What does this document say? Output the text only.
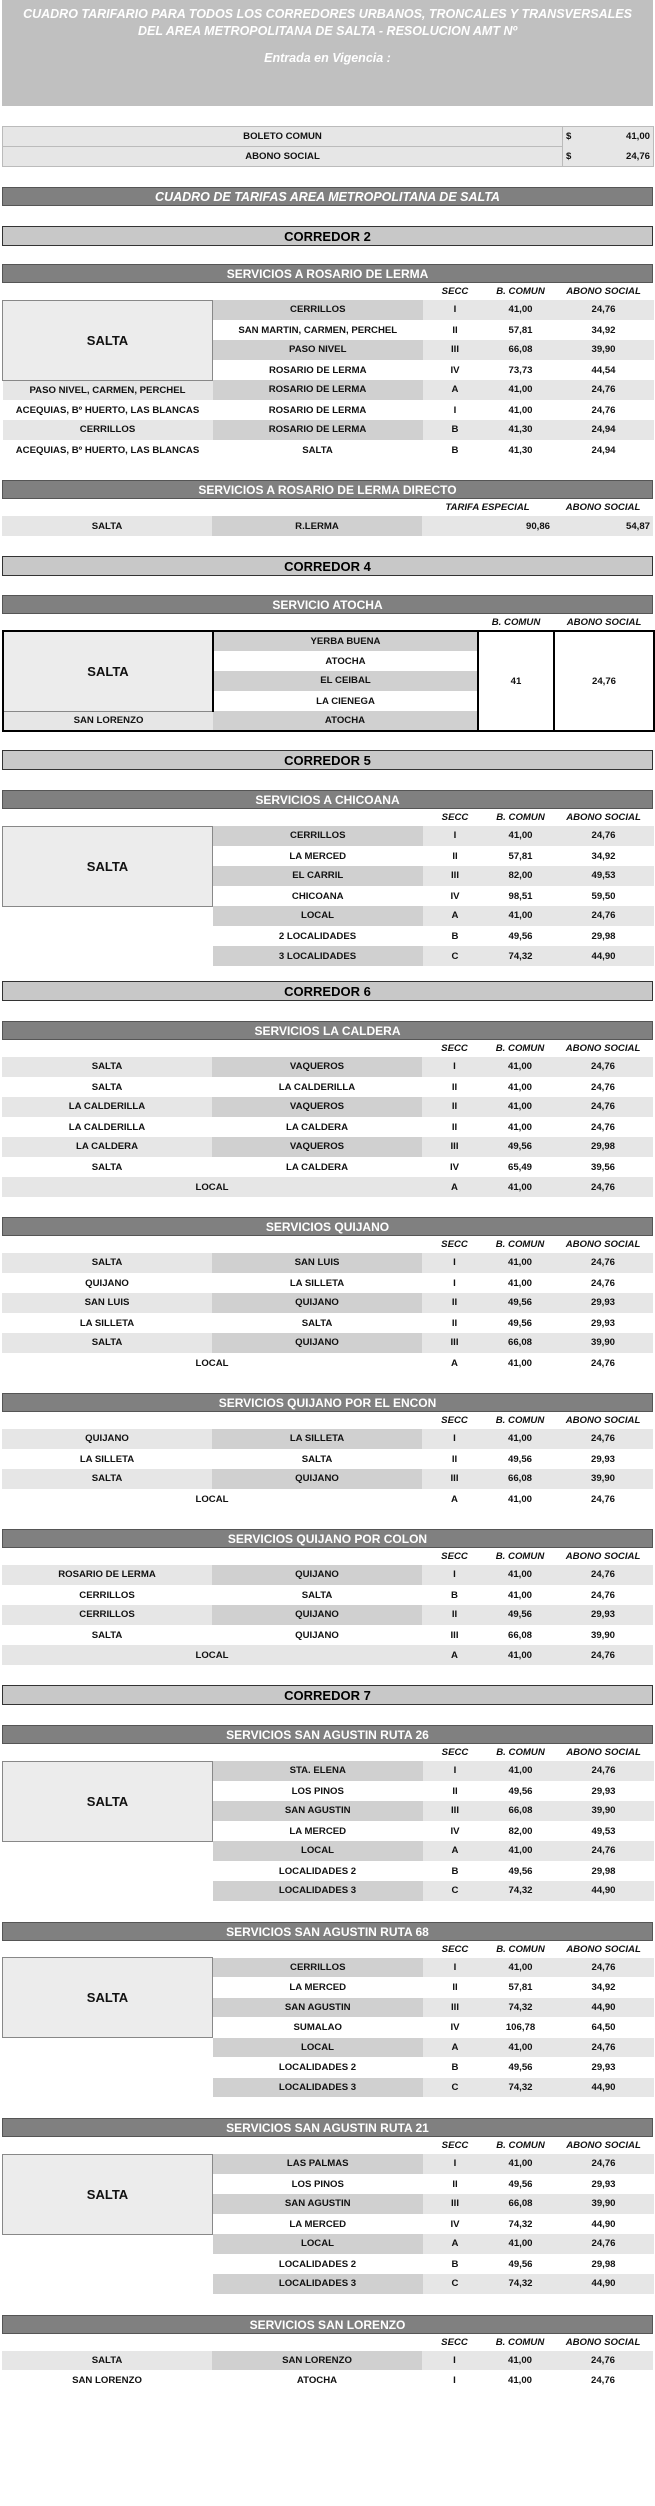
CUADRO TARIFARIO PARA TODOS LOS CORREDORES URBANOS, TRONCALES Y TRANSVERSALES
DEL AREA METROPOLITANA DE SALTA - RESOLUCION AMT Nº
Entrada en Vigencia :
BOLETO COMUN	$	41,00
ABONO SOCIAL	$	24,76
CUADRO DE TARIFAS AREA METROPOLITANA DE SALTA
CORREDOR 2
SERVICIOS A ROSARIO DE LERMA
		SECC	B. COMUN	ABONO SOCIAL
SALTA	CERRILLOS	I	41,00	24,76
	SAN MARTIN, CARMEN, PERCHEL	II	57,81	34,92
	PASO NIVEL	III	66,08	39,90
	ROSARIO DE LERMA	IV	73,73	44,54
PASO NIVEL, CARMEN, PERCHEL	ROSARIO DE LERMA	A	41,00	24,76
ACEQUIAS, Bº HUERTO, LAS BLANCAS	ROSARIO DE LERMA	I	41,00	24,76
CERRILLOS	ROSARIO DE LERMA	B	41,30	24,94
ACEQUIAS, Bº HUERTO, LAS BLANCAS	SALTA	B	41,30	24,94
SERVICIOS A ROSARIO DE LERMA DIRECTO
		TARIFA ESPECIAL	ABONO SOCIAL
SALTA	R.LERMA	90,86	54,87
CORREDOR 4
SERVICIO ATOCHA
		B. COMUN	ABONO SOCIAL
SALTA	YERBA BUENA	41	24,76
	ATOCHA		
	EL CEIBAL		
	LA CIENEGA		
SAN LORENZO	ATOCHA		
CORREDOR 5
SERVICIOS A CHICOANA
		SECC	B. COMUN	ABONO SOCIAL
SALTA	CERRILLOS	I	41,00	24,76
	LA MERCED	II	57,81	34,92
	EL CARRIL	III	82,00	49,53
	CHICOANA	IV	98,51	59,50
	LOCAL	A	41,00	24,76
	2 LOCALIDADES	B	49,56	29,98
	3 LOCALIDADES	C	74,32	44,90
CORREDOR 6
SERVICIOS LA CALDERA
		SECC	B. COMUN	ABONO SOCIAL
SALTA	VAQUEROS	I	41,00	24,76
SALTA	LA CALDERILLA	II	41,00	24,76
LA CALDERILLA	VAQUEROS	II	41,00	24,76
LA CALDERILLA	LA CALDERA	II	41,00	24,76
LA CALDERA	VAQUEROS	III	49,56	29,98
SALTA	LA CALDERA	IV	65,49	39,56
LOCAL		A	41,00	24,76
SERVICIOS QUIJANO
		SECC	B. COMUN	ABONO SOCIAL
SALTA	SAN LUIS	I	41,00	24,76
QUIJANO	LA SILLETA	I	41,00	24,76
SAN LUIS	QUIJANO	II	49,56	29,93
LA SILLETA	SALTA	II	49,56	29,93
SALTA	QUIJANO	III	66,08	39,90
LOCAL		A	41,00	24,76
SERVICIOS QUIJANO POR EL ENCON
		SECC	B. COMUN	ABONO SOCIAL
QUIJANO	LA SILLETA	I	41,00	24,76
LA SILLETA	SALTA	II	49,56	29,93
SALTA	QUIJANO	III	66,08	39,90
LOCAL		A	41,00	24,76
SERVICIOS QUIJANO POR COLON
		SECC	B. COMUN	ABONO SOCIAL
ROSARIO DE LERMA	QUIJANO	I	41,00	24,76
CERRILLOS	SALTA	B	41,00	24,76
CERRILLOS	QUIJANO	II	49,56	29,93
SALTA	QUIJANO	III	66,08	39,90
LOCAL		A	41,00	24,76
CORREDOR 7
SERVICIOS SAN AGUSTIN RUTA 26
		SECC	B. COMUN	ABONO SOCIAL
SALTA	STA. ELENA	I	41,00	24,76
	LOS PINOS	II	49,56	29,93
	SAN AGUSTIN	III	66,08	39,90
	LA MERCED	IV	82,00	49,53
	LOCAL	A	41,00	24,76
	LOCALIDADES 2	B	49,56	29,98
	LOCALIDADES 3	C	74,32	44,90
SERVICIOS SAN AGUSTIN RUTA 68
		SECC	B. COMUN	ABONO SOCIAL
SALTA	CERRILLOS	I	41,00	24,76
	LA MERCED	II	57,81	34,92
	SAN AGUSTIN	III	74,32	44,90
	SUMALAO	IV	106,78	64,50
	LOCAL	A	41,00	24,76
	LOCALIDADES 2	B	49,56	29,93
	LOCALIDADES 3	C	74,32	44,90
SERVICIOS SAN AGUSTIN RUTA 21
		SECC	B. COMUN	ABONO SOCIAL
SALTA	LAS PALMAS	I	41,00	24,76
	LOS PINOS	II	49,56	29,93
	SAN AGUSTIN	III	66,08	39,90
	LA MERCED	IV	74,32	44,90
	LOCAL	A	41,00	24,76
	LOCALIDADES 2	B	49,56	29,98
	LOCALIDADES 3	C	74,32	44,90
SERVICIOS SAN LORENZO
		SECC	B. COMUN	ABONO SOCIAL
SALTA	SAN LORENZO	I	41,00	24,76
SAN LORENZO	ATOCHA	I	41,00	24,76
